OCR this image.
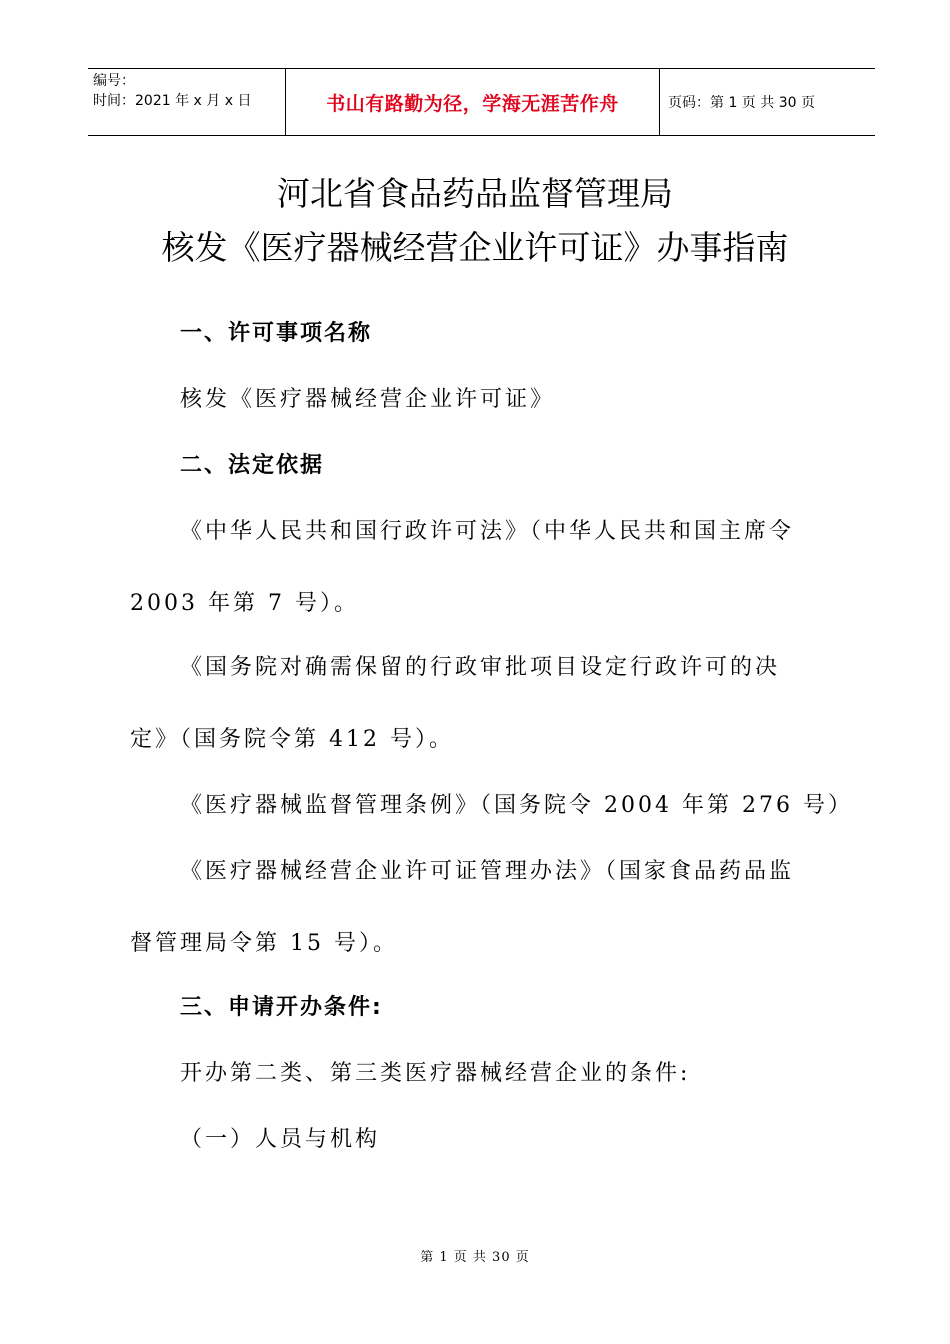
编号：
时间：2021 年 x 月 x 日	书山有路勤为径，学海无涯苦作舟	页码：第 1 页 共 30 页
河北省食品药品监督管理局
核发《医疗器械经营企业许可证》办事指南
一、许可事项名称
核发《医疗器械经营企业许可证》
二、法定依据
《中华人民共和国行政许可法》（中华人民共和国主席令
2003 年第 7 号）。
《国务院对确需保留的行政审批项目设定行政许可的决
定》（国务院令第 412 号）。
《医疗器械监督管理条例》（国务院令 2004 年第 276 号）
《医疗器械经营企业许可证管理办法》（国家食品药品监
督管理局令第 15 号）。
三、申请开办条件:
开办第二类、第三类医疗器械经营企业的条件:
（一）人员与机构
第 1 页 共 30 页
